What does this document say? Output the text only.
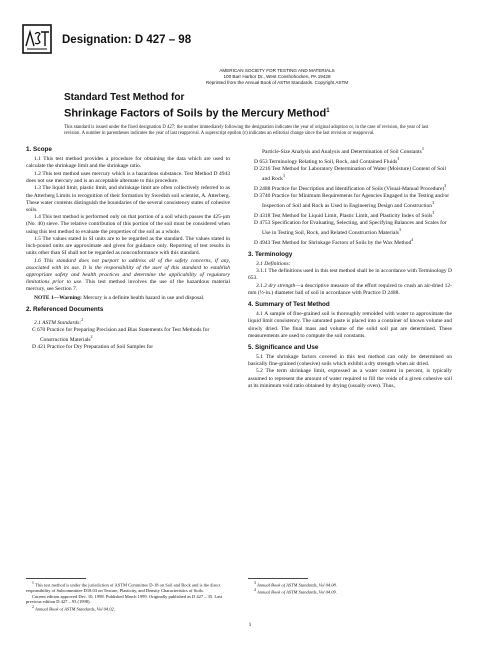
Designation: D 427 – 98
AMERICAN SOCIETY FOR TESTING AND MATERIALS
100 Barr Harbor Dr., West Conshohocken, PA 19428
Reprinted from the Annual Book of ASTM Standards. Copyright ASTM
Standard Test Method for
Shrinkage Factors of Soils by the Mercury Method$^1$
This standard is issued under the fixed designation D 427; the number immediately following the designation indicates the year of original adoption or, in the case of revision, the year of last revision. A number in parentheses indicates the year of last reapproval. A superscript epsilon (ε) indicates an editorial change since the last revision or reapproval.
1. Scope

1.1 This test method provides a procedure for obtaining the data which are used to calculate the shrinkage limit and the shrinkage ratio.

1.2 This test method uses mercury which is a hazardous substance. Test Method D 4943 does not use mercury and is an acceptable alternate to this procedure.

1.3 The liquid limit, plastic limit, and shrinkage limit are often collectively referred to as the Atterberg Limits in recognition of their formation by Swedish soil scientist, A. Atterberg. These water contents distinguish the boundaries of the several consistency states of cohesive soils.

1.4 This test method is performed only on that portion of a soil which passes the 425-μm (No. 40) sieve. The relative contribution of this portion of the soil must be considered when using this test method to evaluate the properties of the soil as a whole.

1.5 The values stated in SI units are to be regarded as the standard. The values stated in inch-pound units are approximate and given for guidance only. Reporting of test results in units other than SI shall not be regarded as nonconformance with this standard.

1.6 This standard does not purport to address all of the safety concerns, if any, associated with its use. It is the responsibility of the user of this standard to establish appropriate safety and health practices and determine the applicability of regulatory limitations prior to use. This test method involves the use of the hazardous material mercury, see Section 7.

NOTE 1—Warning: Mercury is a definite health hazard in use and disposal.

2. Referenced Documents

2.1 ASTM Standards:$^2$

C 670 Practice for Preparing Precision and Bias Statements for Test Methods for Construction Materials$^2$

D 421 Practice for Dry Preparation of Soil Samples for

$^1$ This test method is under the jurisdiction of ASTM Committee D-18 on Soil and Rock and is the direct responsibility of Subcommittee D18.03 on Texture, Plasticity, and Density Characteristics of Soils.

Current edition approved Dec. 10, 1998. Published March 1999. Originally published as D 427 – 35. Last previous edition D 427 – 93 (1998).

$^2$ Annual Book of ASTM Standards, Vol 04.02.

Particle-Size Analysis and Analysis and Determination of Soil Constants$^3$

D 653 Terminology Relating to Soil, Rock, and Contained Fluids$^3$

D 2216 Test Method for Laboratory Determination of Water (Moisture) Content of Soil and Rock$^3$

D 2488 Practice for Description and Identification of Soils (Visual-Manual Procedure)$^3$

D 3740 Practice for Minimum Requirements for Agencies Engaged in the Testing and/or Inspection of Soil and Rock as Used in Engineering Design and Construction$^3$

D 4318 Test Method for Liquid Limit, Plastic Limit, and Plasticity Index of Soils$^3$

D 4753 Specification for Evaluating, Selecting, and Specifying Balances and Scales for Use in Testing Soil, Rock, and Related Construction Materials$^3$

D 4943 Test Method for Shrinkage Factors of Soils by the Wax Method$^4$

3. Terminology

3.1 Definitions:

3.1.1 The definitions used in this test method shall be in accordance with Terminology D 653.

3.1.2 dry strength—a descriptive measure of the effort required to crush an air-dried 12-mm (½-in.) diameter ball of soil in accordance with Practice D 2488.

4. Summary of Test Method

4.1 A sample of fine-grained soil is thoroughly remolded with water to approximate the liquid limit consistency. The saturated paste is placed into a container of known volume and slowly dried. The final mass and volume of the solid soil pat are determined. These measurements are used to compute the soil constants.

5. Significance and Use

5.1 The shrinkage factors covered in this test method can only be determined on basically fine-grained (cohesive) soils which exhibit a dry strength when air dried.

5.2 The term shrinkage limit, expressed as a water content in percent, is typically assumed to represent the amount of water required to fill the voids of a given cohesive soil at its minimum void ratio obtained by drying (usually oven). Thus,

$^3$ Annual Book of ASTM Standards, Vol 04.08.

$^4$ Annual Book of ASTM Standards, Vol 04.09.

1
